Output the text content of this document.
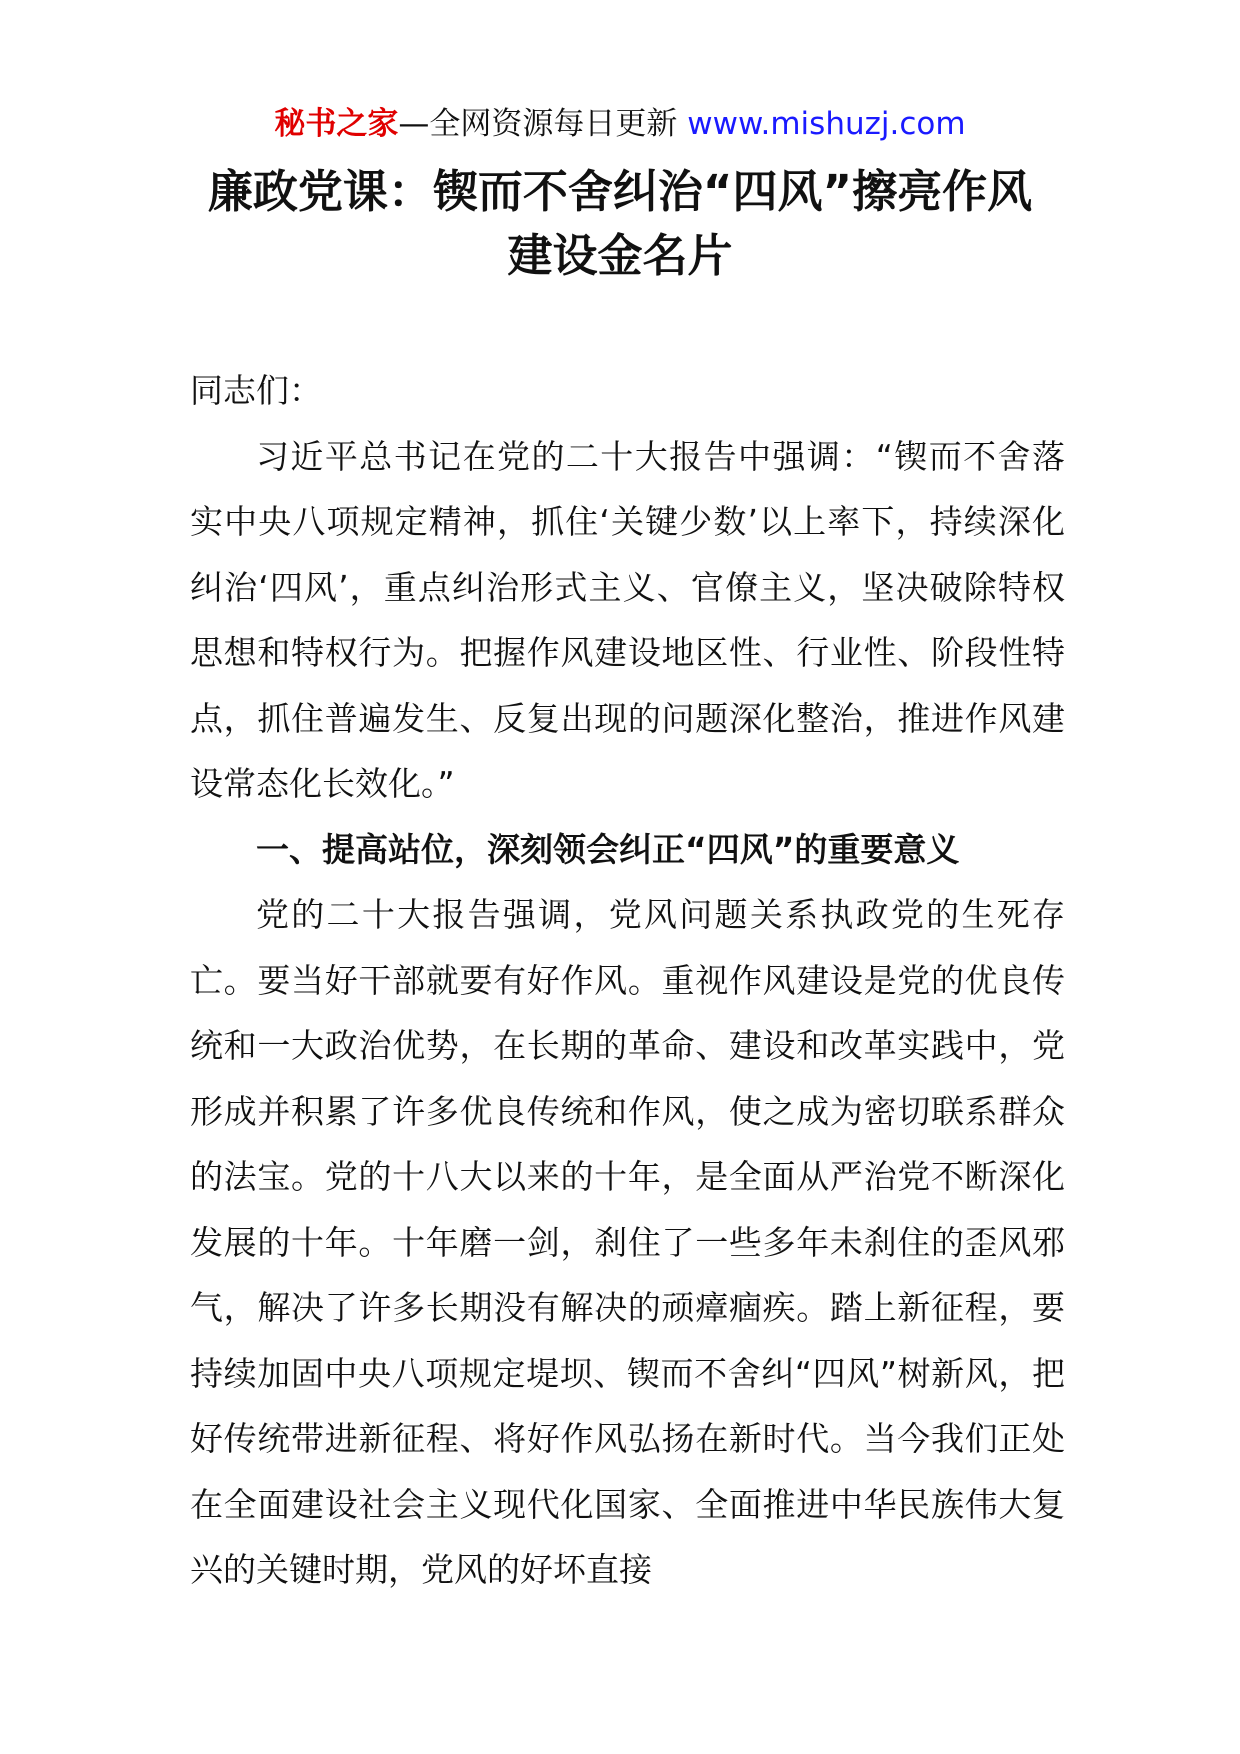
秘书之家—全网资源每日更新 www.mishuzj.com
廉政党课：锲而不舍纠治“四风”擦亮作风建设金名片

同志们：

习近平总书记在党的二十大报告中强调：“锲而不舍落实中央八项规定精神，抓住‘关键少数’以上率下，持续深化纠治‘四风’，重点纠治形式主义、官僚主义，坚决破除特权思想和特权行为。把握作风建设地区性、行业性、阶段性特点，抓住普遍发生、反复出现的问题深化整治，推进作风建设常态化长效化。”

一、提高站位，深刻领会纠正“四风”的重要意义

党的二十大报告强调，党风问题关系执政党的生死存亡。要当好干部就要有好作风。重视作风建设是党的优良传统和一大政治优势，在长期的革命、建设和改革实践中，党形成并积累了许多优良传统和作风，使之成为密切联系群众的法宝。党的十八大以来的十年，是全面从严治党不断深化发展的十年。十年磨一剑，刹住了一些多年未刹住的歪风邪气，解决了许多长期没有解决的顽瘴痼疾。踏上新征程，要持续加固中央八项规定堤坝、锲而不舍纠“四风”树新风，把好传统带进新征程、将好作风弘扬在新时代。当今我们正处在全面建设社会主义现代化国家、全面推进中华民族伟大复兴的关键时期，党风的好坏直接
